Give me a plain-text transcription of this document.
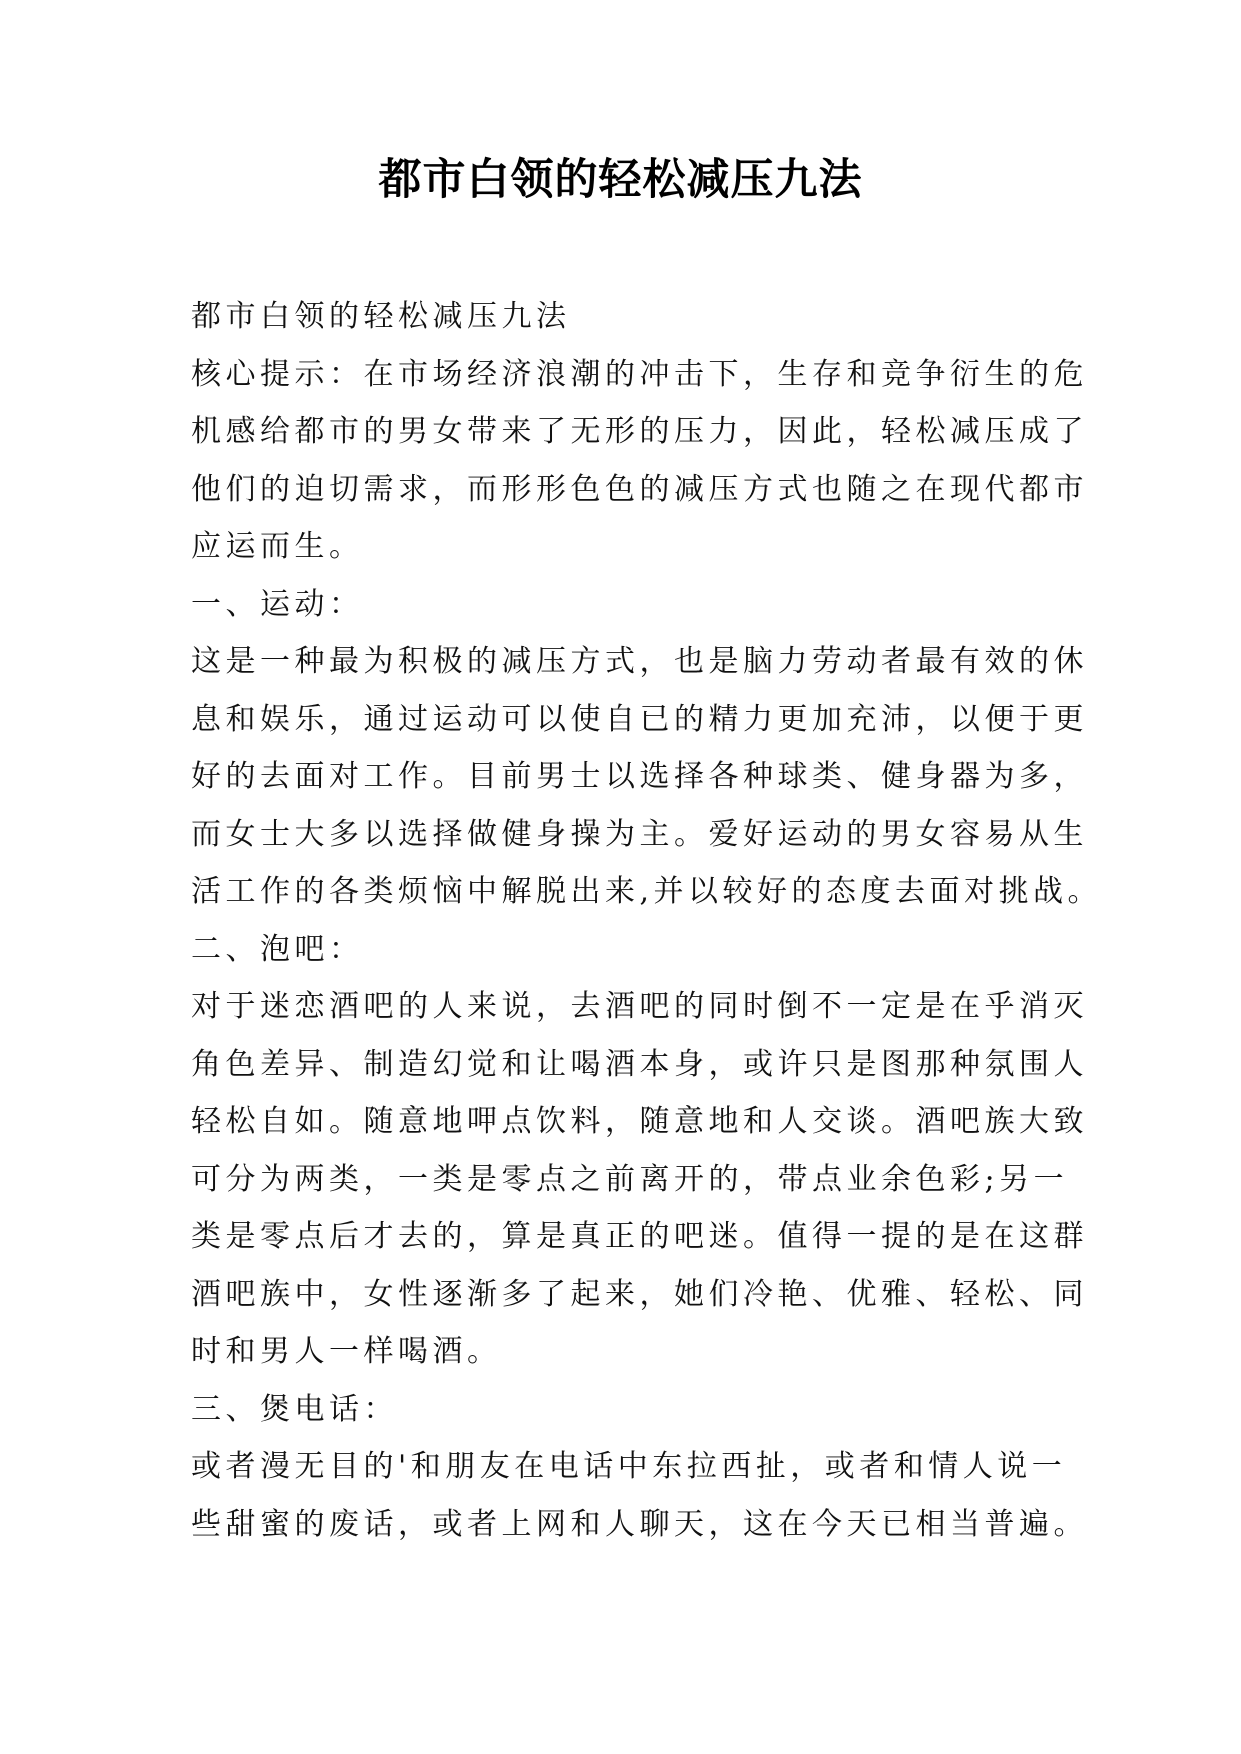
都市白领的轻松减压九法
都市白领的轻松减压九法
核心提示：在市场经济浪潮的冲击下，生存和竞争衍生的危
机感给都市的男女带来了无形的压力，因此，轻松减压成了
他们的迫切需求，而形形色色的减压方式也随之在现代都市
应运而生。
一、运动：
这是一种最为积极的减压方式，也是脑力劳动者最有效的休
息和娱乐，通过运动可以使自已的精力更加充沛，以便于更
好的去面对工作。目前男士以选择各种球类、健身器为多，
而女士大多以选择做健身操为主。爱好运动的男女容易从生
活工作的各类烦恼中解脱出来,并以较好的态度去面对挑战。
二、泡吧：
对于迷恋酒吧的人来说，去酒吧的同时倒不一定是在乎消灭
角色差异、制造幻觉和让喝酒本身，或许只是图那种氛围人
轻松自如。随意地呷点饮料，随意地和人交谈。酒吧族大致
可分为两类，一类是零点之前离开的，带点业余色彩;另一
类是零点后才去的，算是真正的吧迷。值得一提的是在这群
酒吧族中，女性逐渐多了起来，她们冷艳、优雅、轻松、同
时和男人一样喝酒。
三、煲电话：
或者漫无目的'和朋友在电话中东拉西扯，或者和情人说一
些甜蜜的废话，或者上网和人聊天，这在今天已相当普遍。
